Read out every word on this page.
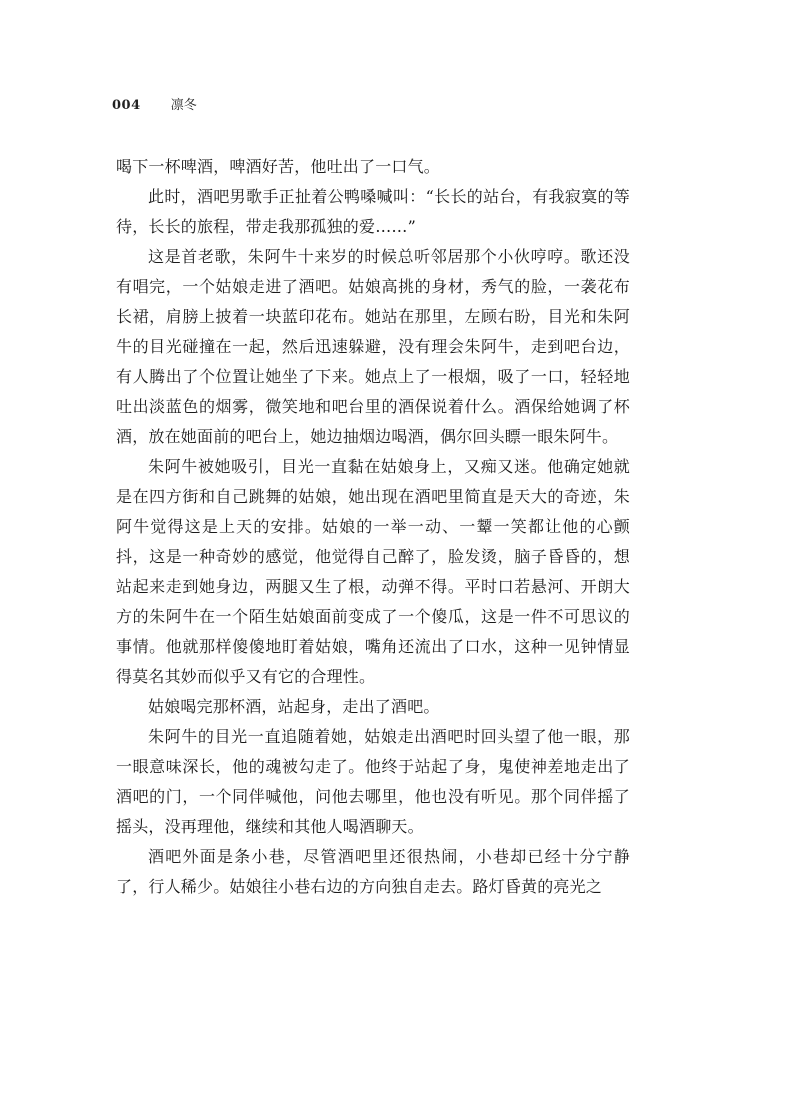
004 凛冬

喝下一杯啤酒，啤酒好苦，他吐出了一口气。

此时，酒吧男歌手正扯着公鸭嗓喊叫：“长长的站台，有我寂寞的等待，长长的旅程，带走我那孤独的爱……”

这是首老歌，朱阿牛十来岁的时候总听邻居那个小伙哼哼。歌还没有唱完，一个姑娘走进了酒吧。姑娘高挑的身材，秀气的脸，一袭花布长裙，肩膀上披着一块蓝印花布。她站在那里，左顾右盼，目光和朱阿牛的目光碰撞在一起，然后迅速躲避，没有理会朱阿牛，走到吧台边，有人腾出了个位置让她坐了下来。她点上了一根烟，吸了一口，轻轻地吐出淡蓝色的烟雾，微笑地和吧台里的酒保说着什么。酒保给她调了杯酒，放在她面前的吧台上，她边抽烟边喝酒，偶尔回头瞟一眼朱阿牛。

朱阿牛被她吸引，目光一直黏在姑娘身上，又痴又迷。他确定她就是在四方街和自己跳舞的姑娘，她出现在酒吧里简直是天大的奇迹，朱阿牛觉得这是上天的安排。姑娘的一举一动、一颦一笑都让他的心颤抖，这是一种奇妙的感觉，他觉得自己醉了，脸发烫，脑子昏昏的，想站起来走到她身边，两腿又生了根，动弹不得。平时口若悬河、开朗大方的朱阿牛在一个陌生姑娘面前变成了一个傻瓜，这是一件不可思议的事情。他就那样傻傻地盯着姑娘，嘴角还流出了口水，这种一见钟情显得莫名其妙而似乎又有它的合理性。

姑娘喝完那杯酒，站起身，走出了酒吧。

朱阿牛的目光一直追随着她，姑娘走出酒吧时回头望了他一眼，那一眼意味深长，他的魂被勾走了。他终于站起了身，鬼使神差地走出了酒吧的门，一个同伴喊他，问他去哪里，他也没有听见。那个同伴摇了摇头，没再理他，继续和其他人喝酒聊天。

酒吧外面是条小巷，尽管酒吧里还很热闹，小巷却已经十分宁静了，行人稀少。姑娘往小巷右边的方向独自走去。路灯昏黄的亮光之
